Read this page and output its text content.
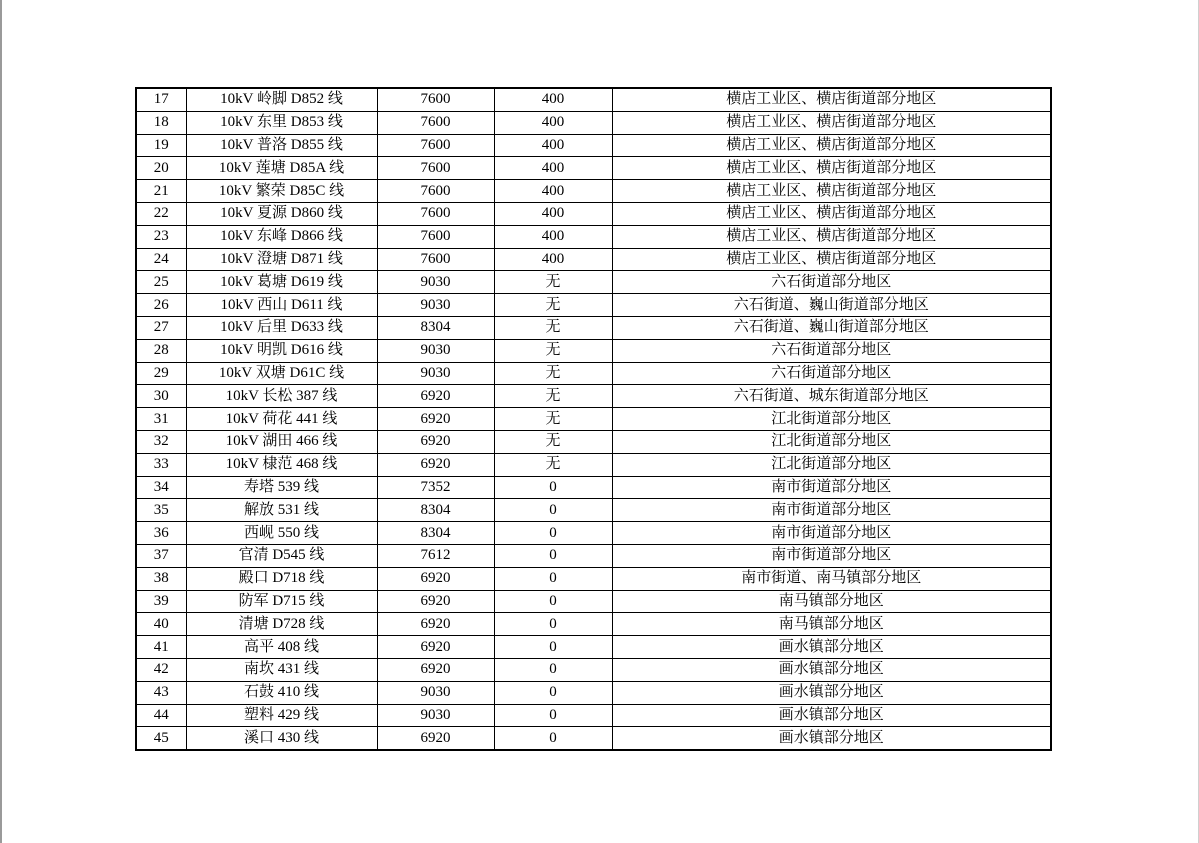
17	10kV 岭脚 D852 线	7600	400	横店工业区、横店街道部分地区
18	10kV 东里 D853 线	7600	400	横店工业区、横店街道部分地区
19	10kV 普洛 D855 线	7600	400	横店工业区、横店街道部分地区
20	10kV 莲塘 D85A 线	7600	400	横店工业区、横店街道部分地区
21	10kV 繁荣 D85C 线	7600	400	横店工业区、横店街道部分地区
22	10kV 夏源 D860 线	7600	400	横店工业区、横店街道部分地区
23	10kV 东峰 D866 线	7600	400	横店工业区、横店街道部分地区
24	10kV 澄塘 D871 线	7600	400	横店工业区、横店街道部分地区
25	10kV 葛塘 D619 线	9030	无	六石街道部分地区
26	10kV 西山 D611 线	9030	无	六石街道、巍山街道部分地区
27	10kV 后里 D633 线	8304	无	六石街道、巍山街道部分地区
28	10kV 明凯 D616 线	9030	无	六石街道部分地区
29	10kV 双塘 D61C 线	9030	无	六石街道部分地区
30	10kV 长松 387 线	6920	无	六石街道、城东街道部分地区
31	10kV 荷花 441 线	6920	无	江北街道部分地区
32	10kV 湖田 466 线	6920	无	江北街道部分地区
33	10kV 棣范 468 线	6920	无	江北街道部分地区
34	寿塔 539 线	7352	0	南市街道部分地区
35	解放 531 线	8304	0	南市街道部分地区
36	西岘 550 线	8304	0	南市街道部分地区
37	官清 D545 线	7612	0	南市街道部分地区
38	殿口 D718 线	6920	0	南市街道、南马镇部分地区
39	防军 D715 线	6920	0	南马镇部分地区
40	清塘 D728 线	6920	0	南马镇部分地区
41	高平 408 线	6920	0	画水镇部分地区
42	南坎 431 线	6920	0	画水镇部分地区
43	石鼓 410 线	9030	0	画水镇部分地区
44	塑料 429 线	9030	0	画水镇部分地区
45	溪口 430 线	6920	0	画水镇部分地区
